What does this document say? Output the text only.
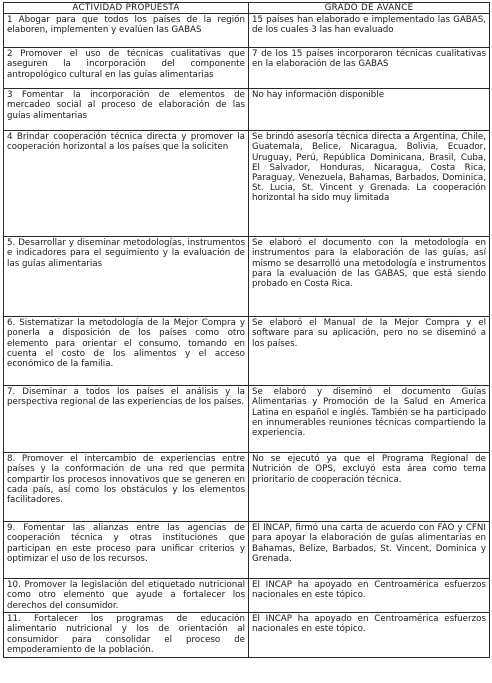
ACTIVIDAD PROPUESTA	GRADO DE AVANCE
1 Abogar para que todos los países de la región elaboren, implementen y evalúen las GABAS	15 países han elaborado e implementado las GABAS, de los cuales 3 las han evaluado
2 Promover el uso de técnicas cualitativas que aseguren la incorporación del componente antropológico cultural en las guías alimentarias	7 de los 15 países incorporaron técnicas cualitativas en la elaboración de las GABAS
3 Fomentar la incorporación de elementos de mercadeo social al proceso de elaboración de las guías alimentarias	No hay información disponible
4 Brindar cooperación técnica directa y promover la cooperación horizontal a los países que la soliciten	Se brindó asesoría técnica directa a Argentina, Chile, Guatemala, Belice, Nicaragua, Bolivia, Ecuador, Uruguay, Perú, República Dominicana, Brasil, Cuba, El Salvador, Honduras, Nicaragua, Costa Rica, Paraguay, Venezuela, Bahamas, Barbados, Dominica, St. Lucia, St. Vincent y Grenada. La cooperación horizontal ha sido muy limitada
5. Desarrollar y diseminar metodologías, instrumentos e indicadores para el seguimiento y la evaluación de las guías alimentarias	Se elaboró el documento con la metodología en instrumentos para la elaboración de las guías, así mismo se desarrolló una metodología e instrumentos para la evaluación de las GABAS, que está siendo probado en Costa Rica.
6. Sistematizar la metodología de la Mejor Compra y ponerla a disposición de los países como otro elemento para orientar el consumo, tomando en cuenta el costo de los alimentos y el acceso económico de la familia.	Se elaboró el Manual de la Mejor Compra y el software para su aplicación, pero no se diseminó a los países.
7. Diseminar a todos los países el análisis y la perspectiva regional de las experiencias de los países.	Se elaboró y diseminó el documento Guías Alimentarias y Promoción de la Salud en America Latina en español e inglés. También se ha participado en innumerables reuniones técnicas compartiendo la experiencia.
8. Promover el intercambio de experiencias entre países y la conformación de una red que permita compartir los procesos innovativos que se generen en cada país, así como los obstáculos y los elementos facilitadores.	No se ejecutó ya que el Programa Regional de Nutrición de OPS, excluyó esta área como tema prioritario de cooperación técnica.
9. Fomentar las alianzas entre las agencias de cooperación técnica y otras instituciones que participan en este proceso para unificar criterios y optimizar el uso de los recursos.	El INCAP, firmó una carta de acuerdo con FAO y CFNI para apoyar la elaboración de guías alimentarias en Bahamas, Belize, Barbados, St. Vincent, Dominica y Grenada.
10. Promover la legislación del etiquetado nutricional como otro elemento que ayude a fortalecer los derechos del consumidor.	El INCAP ha apoyado en Centroamérica esfuerzos nacionales en este tópico.
11. Fortalecer los programas de educación alimentario nutricional y los de orientación al consumidor para consolidar el proceso de empoderamiento de la población.	El INCAP ha apoyado en Centroamérica esfuerzos nacionales en este tópico.
